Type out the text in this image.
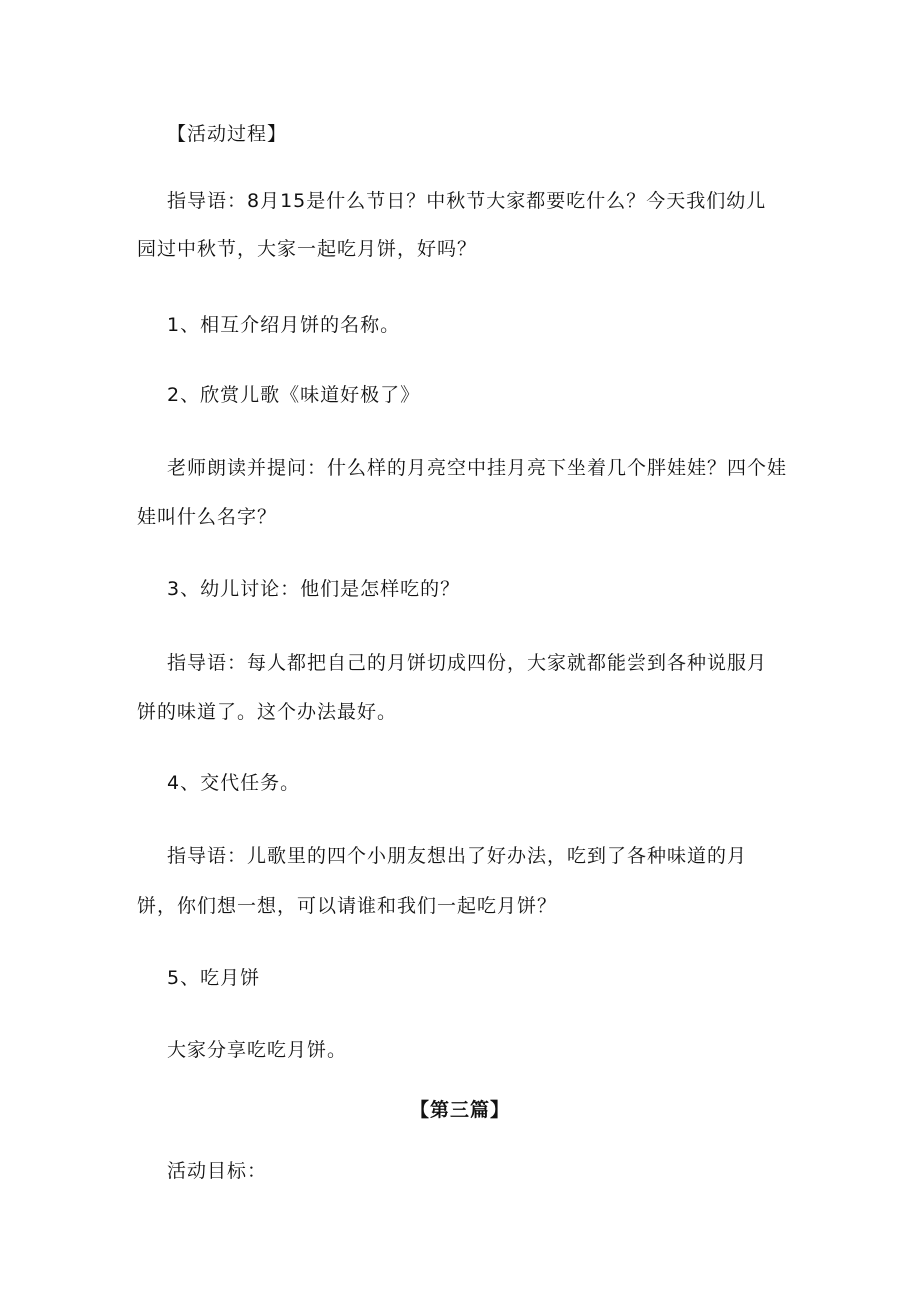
【活动过程】
指导语：8月15是什么节日？中秋节大家都要吃什么？今天我们幼儿
园过中秋节，大家一起吃月饼，好吗？
1、相互介绍月饼的名称。
2、欣赏儿歌《味道好极了》
老师朗读并提问：什么样的月亮空中挂月亮下坐着几个胖娃娃？四个娃
娃叫什么名字？
3、幼儿讨论：他们是怎样吃的？
指导语：每人都把自己的月饼切成四份，大家就都能尝到各种说服月
饼的味道了。这个办法最好。
4、交代任务。
指导语：儿歌里的四个小朋友想出了好办法，吃到了各种味道的月
饼，你们想一想，可以请谁和我们一起吃月饼？
5、吃月饼
大家分享吃吃月饼。
【第三篇】
活动目标：
